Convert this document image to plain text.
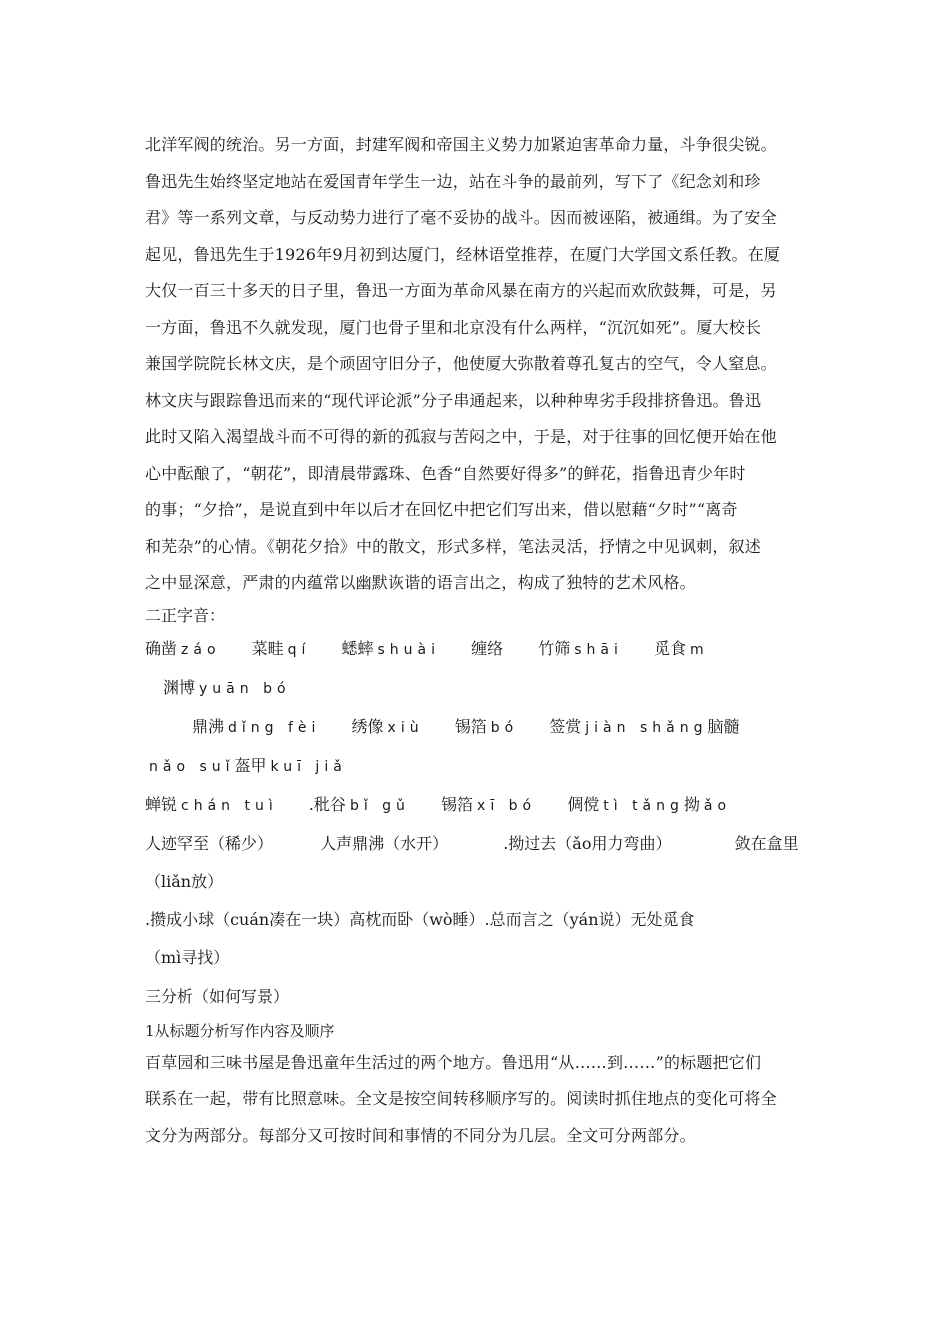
北洋军阀的统治。另一方面，封建军阀和帝国主义势力加紧迫害革命力量，斗争很尖锐。
鲁迅先生始终坚定地站在爱国青年学生一边，站在斗争的最前列，写下了《纪念刘和珍
君》等一系列文章，与反动势力进行了毫不妥协的战斗。因而被诬陷，被通缉。为了安全
起见，鲁迅先生于1926年9月初到达厦门，经林语堂推荐，在厦门大学国文系任教。在厦
大仅一百三十多天的日子里，鲁迅一方面为革命风暴在南方的兴起而欢欣鼓舞，可是，另
一方面，鲁迅不久就发现，厦门也骨子里和北京没有什么两样，“沉沉如死”。厦大校长
兼国学院院长林文庆，是个顽固守旧分子，他使厦大弥散着尊孔复古的空气，令人窒息。
林文庆与跟踪鲁迅而来的“现代评论派”分子串通起来，以种种卑劣手段排挤鲁迅。鲁迅
此时又陷入渴望战斗而不可得的新的孤寂与苦闷之中，于是，对于往事的回忆便开始在他
心中酝酿了，“朝花”，即清晨带露珠、色香“自然要好得多”的鲜花，指鲁迅青少年时
的事；“夕拾”，是说直到中年以后才在回忆中把它们写出来，借以慰藉“夕时”“离奇
和芜杂”的心情。《朝花夕拾》中的散文，形式多样，笔法灵活，抒情之中见讽刺，叙述
之中显深意，严肃的内蕴常以幽默诙谐的语言出之，构成了独特的艺术风格。

二正字音：

确凿 záo 菜畦 qí 蟋蟀 shuài 缠络 竹筛 shāi 觅食 m
渊博 yuān bó
鼎沸 dǐng fèi 绣像 xiù 锡箔 bó 签赏 jiàn shǎng脑髓
nǎo suǐ盔甲 kuī jiǎ
蝉锐 chán tuì .秕谷 bǐ gǔ 锡箔 xī bó 倜傥 tì tǎng拗 ǎo
人迹罕至（稀少）	人声鼎沸（水开）	.拗过去（ǎo用力弯曲）	敛在盒里
（liǎn放）
.攒成小球（cuán凑在一块）高枕而卧（wò睡）.总而言之（yán说）无处觅食
（mì寻找）

三分析（如何写景）

1从标题分析写作内容及顺序

百草园和三味书屋是鲁迅童年生活过的两个地方。鲁迅用“从……到……”的标题把它们
联系在一起，带有比照意味。全文是按空间转移顺序写的。阅读时抓住地点的变化可将全
文分为两部分。每部分又可按时间和事情的不同分为几层。全文可分两部分。
